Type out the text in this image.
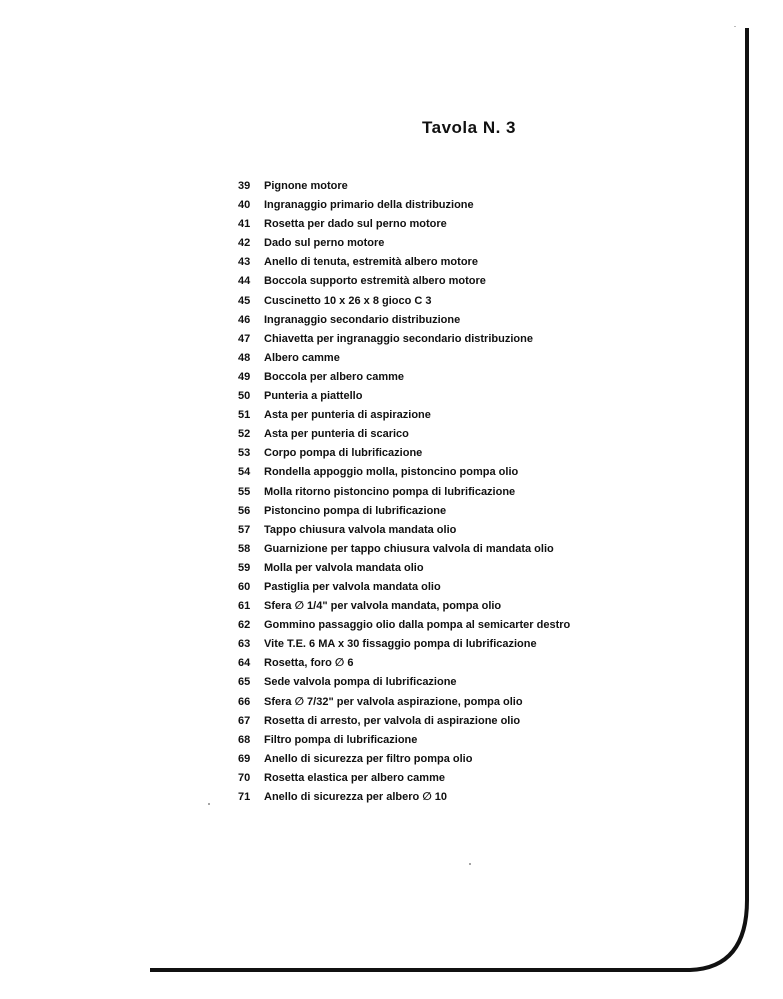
Tavola N. 3
39 Pignone motore
40 Ingranaggio primario della distribuzione
41 Rosetta per dado sul perno motore
42 Dado sul perno motore
43 Anello di tenuta, estremità albero motore
44 Boccola supporto estremità albero motore
45 Cuscinetto 10 x 26 x 8 gioco C 3
46 Ingranaggio secondario distribuzione
47 Chiavetta per ingranaggio secondario distribuzione
48 Albero camme
49 Boccola per albero camme
50 Punteria a piattello
51 Asta per punteria di aspirazione
52 Asta per punteria di scarico
53 Corpo pompa di lubrificazione
54 Rondella appoggio molla, pistoncino pompa olio
55 Molla ritorno pistoncino pompa di lubrificazione
56 Pistoncino pompa di lubrificazione
57 Tappo chiusura valvola mandata olio
58 Guarnizione per tappo chiusura valvola di mandata olio
59 Molla per valvola mandata olio
60 Pastiglia per valvola mandata olio
61 Sfera ∅ 1/4" per valvola mandata, pompa olio
62 Gommino passaggio olio dalla pompa al semicarter destro
63 Vite T.E. 6 MA x 30 fissaggio pompa di lubrificazione
64 Rosetta, foro ∅ 6
65 Sede valvola pompa di lubrificazione
66 Sfera ∅ 7/32" per valvola aspirazione, pompa olio
67 Rosetta di arresto, per valvola di aspirazione olio
68 Filtro pompa di lubrificazione
69 Anello di sicurezza per filtro pompa olio
70 Rosetta elastica per albero camme
71 Anello di sicurezza per albero ∅ 10
